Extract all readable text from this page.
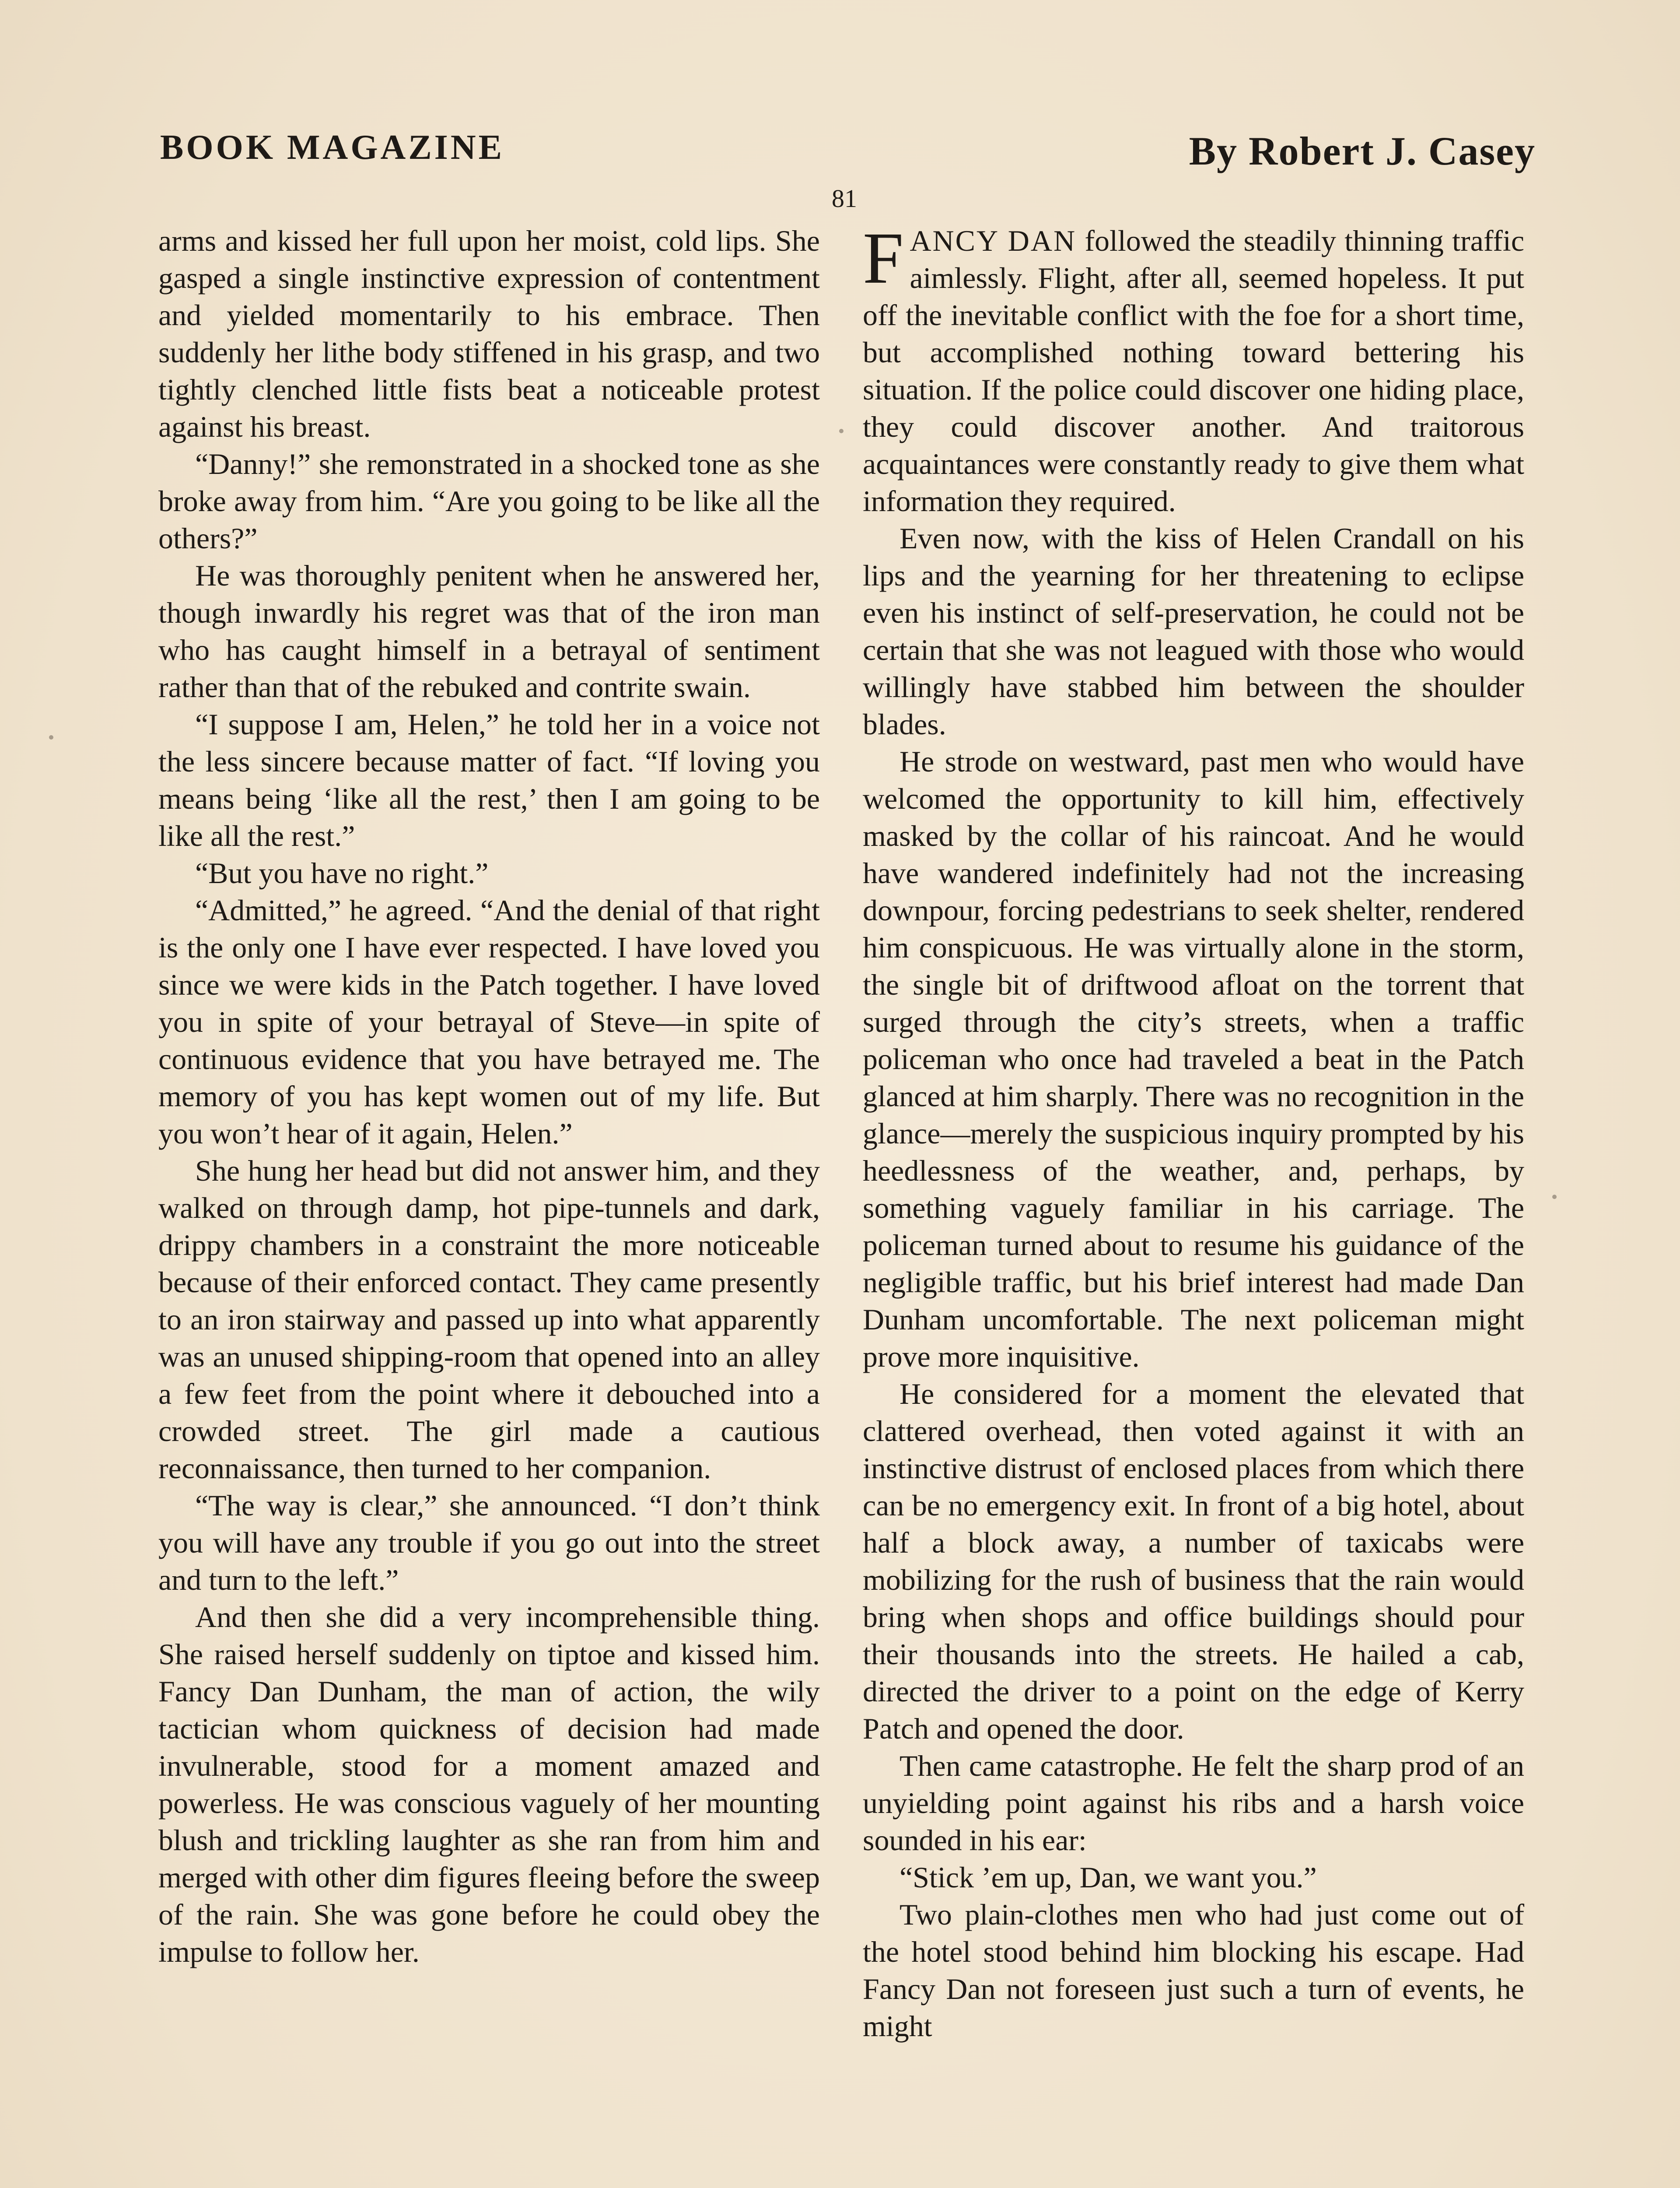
BOOK MAGAZINE	By Robert J. Casey
81

arms and kissed her full upon her moist, cold lips. She gasped a single instinctive expression of contentment and yielded momentarily to his embrace. Then suddenly her lithe body stiffened in his grasp, and two tightly clenched little fists beat a noticeable protest against his breast.

“Danny!” she remonstrated in a shocked tone as she broke away from him. “Are you going to be like all the others?”

He was thoroughly penitent when he answered her, though inwardly his regret was that of the iron man who has caught himself in a betrayal of sentiment rather than that of the rebuked and contrite swain.

“I suppose I am, Helen,” he told her in a voice not the less sincere because matter of fact. “If loving you means being ‘like all the rest,’ then I am going to be like all the rest.”

“But you have no right.”

“Admitted,” he agreed. “And the denial of that right is the only one I have ever respected. I have loved you since we were kids in the Patch together. I have loved you in spite of your betrayal of Steve—in spite of continuous evidence that you have betrayed me. The memory of you has kept women out of my life. But you won’t hear of it again, Helen.”

She hung her head but did not answer him, and they walked on through damp, hot pipe-tunnels and dark, drippy chambers in a constraint the more noticeable because of their enforced contact. They came presently to an iron stairway and passed up into what apparently was an unused shipping-room that opened into an alley a few feet from the point where it debouched into a crowded street. The girl made a cautious reconnaissance, then turned to her companion.

“The way is clear,” she announced. “I don’t think you will have any trouble if you go out into the street and turn to the left.”

And then she did a very incomprehensible thing. She raised herself suddenly on tiptoe and kissed him. Fancy Dan Dunham, the man of action, the wily tactician whom quickness of decision had made invulnerable, stood for a moment amazed and powerless. He was conscious vaguely of her mounting blush and trickling laughter as she ran from him and merged with other dim figures fleeing before the sweep of the rain. She was gone before he could obey the impulse to follow her.

FANCY DAN followed the steadily thinning traffic aimlessly. Flight, after all, seemed hopeless. It put off the inevitable conflict with the foe for a short time, but accomplished nothing toward bettering his situation. If the police could discover one hiding place, they could discover another. And traitorous acquaintances were constantly ready to give them what information they required.

Even now, with the kiss of Helen Crandall on his lips and the yearning for her threatening to eclipse even his instinct of self-preservation, he could not be certain that she was not leagued with those who would willingly have stabbed him between the shoulder blades.

He strode on westward, past men who would have welcomed the opportunity to kill him, effectively masked by the collar of his raincoat. And he would have wandered indefinitely had not the increasing downpour, forcing pedestrians to seek shelter, rendered him conspicuous. He was virtually alone in the storm, the single bit of driftwood afloat on the torrent that surged through the city’s streets, when a traffic policeman who once had traveled a beat in the Patch glanced at him sharply. There was no recognition in the glance—merely the suspicious inquiry prompted by his heedlessness of the weather, and, perhaps, by something vaguely familiar in his carriage. The policeman turned about to resume his guidance of the negligible traffic, but his brief interest had made Dan Dunham uncomfortable. The next policeman might prove more inquisitive.

He considered for a moment the elevated that clattered overhead, then voted against it with an instinctive distrust of enclosed places from which there can be no emergency exit. In front of a big hotel, about half a block away, a number of taxicabs were mobilizing for the rush of business that the rain would bring when shops and office buildings should pour their thousands into the streets. He hailed a cab, directed the driver to a point on the edge of Kerry Patch and opened the door.

Then came catastrophe. He felt the sharp prod of an unyielding point against his ribs and a harsh voice sounded in his ear:

“Stick ’em up, Dan, we want you.”

Two plain-clothes men who had just come out of the hotel stood behind him blocking his escape. Had Fancy Dan not foreseen just such a turn of events, he might
